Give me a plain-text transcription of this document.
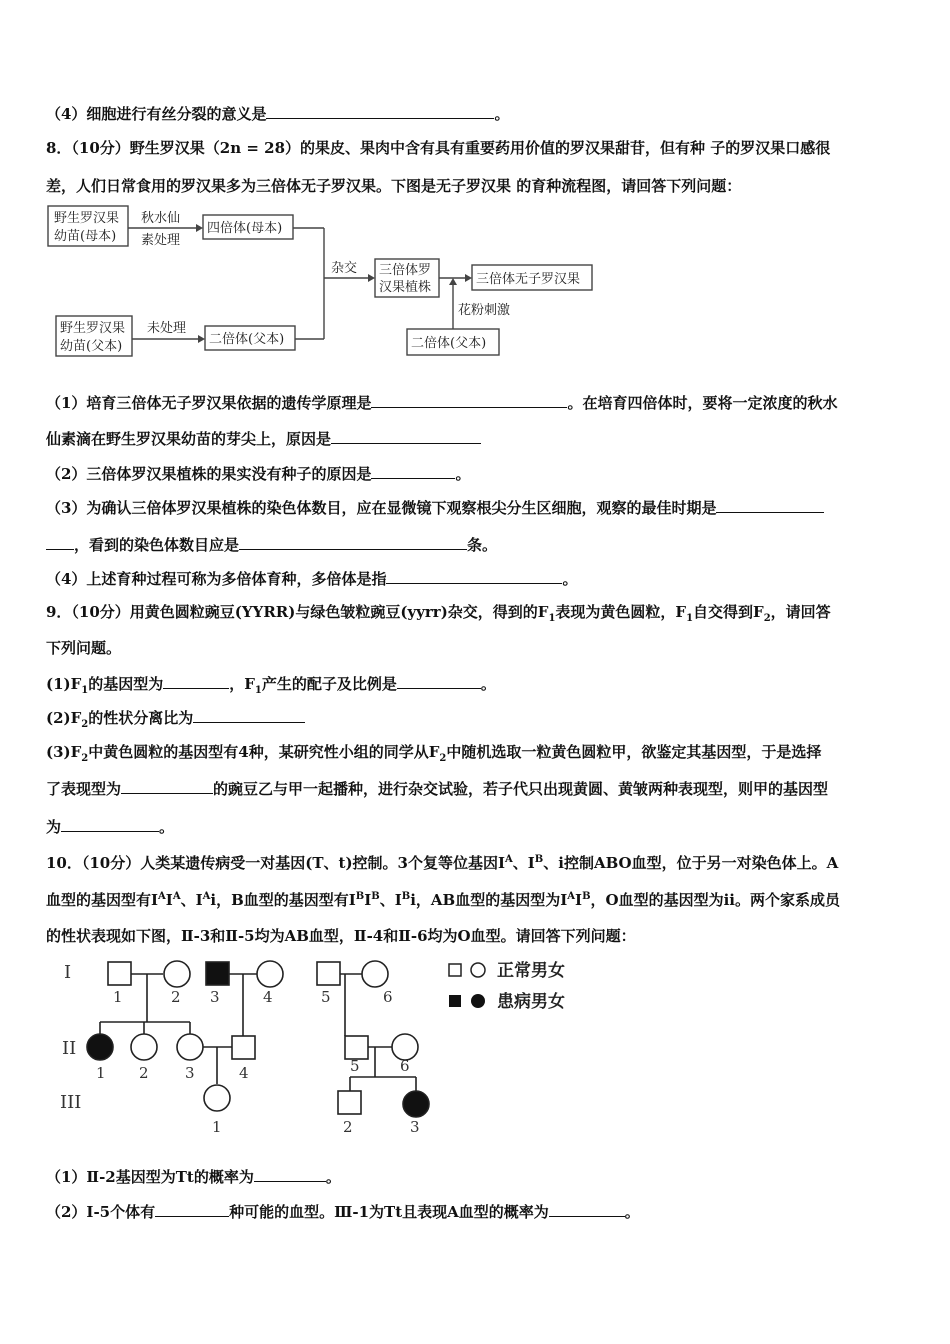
（4）细胞进行有丝分裂的意义是	。
8．（10分）野生罗汉果（2n = 28）的果皮、果肉中含有具有重要药用价值的罗汉果甜苷，但有种 子的罗汉果口感很
差，人们日常食用的罗汉果多为三倍体无子罗汉果。下图是无子罗汉果 的育种流程图，请回答下列问题：
野生罗汉果
幼苗(母本)
秋水仙
素处理
四倍体(母本)
野生罗汉果
幼苗(父本)
未处理
二倍体(父本)
杂交 三倍体罗
汉果植株
三倍体无子罗汉果
花粉刺激
二倍体(父本)
（1）培育三倍体无子罗汉果依据的遗传学原理是	。在培育四倍体时，要将一定浓度的秋水
仙素滴在野生罗汉果幼苗的芽尖上，原因是
（2）三倍体罗汉果植株的果实没有种子的原因是	。
（3）为确认三倍体罗汉果植株的染色体数目，应在显微镜下观察根尖分生区细胞，观察的最佳时期是
，看到的染色体数目应是	条。
（4）上述育种过程可称为多倍体育种，多倍体是指	。
9．（10分）用黄色圆粒豌豆(YYRR)与绿色皱粒豌豆(yyrr)杂交，得到的$F_1$表现为黄色圆粒，$F_1$自交得到$F_2$，请回答
下列问题。
$(1)F_1$的基因型为	，$F_1$产生的配子及比例是	。
$(2)F_2$的性状分离比为
$(3)F_2$中黄色圆粒的基因型有4种，某研究性小组的同学从$F_2$中随机选取一粒黄色圆粒甲，欲鉴定其基因型，于是选择
了表现型为	的豌豆乙与甲一起播种，进行杂交试验，若子代只出现黄圆、黄皱两种表现型，则甲的基因型
为	。
10．（10分）人类某遗传病受一对基因(T、t)控制。3个复等位基因$I^A$、$I^B$、i控制ABO血型，位于另一对染色体上。A
血型的基因型有$I^AI^A$、$I^Ai$，B血型的基因型有$I^BI^B$、$I^Bi$，AB血型的基因型为$I^AI^B$，O血型的基因型为ii。两个家系成员
的性状表现如下图，Ⅱ-3和Ⅱ-5均为AB血型，Ⅱ-4和Ⅱ-6均为O血型。请回答下列问题：
I
II
III
1	2 3	4	5	6
1 2 3	4	5	6
1	2	3
正常男女
患病男女
（1）Ⅱ-2基因型为Tt的概率为	。
（2）Ⅰ-5个体有	种可能的血型。Ⅲ-1为Tt且表现A血型的概率为	。
